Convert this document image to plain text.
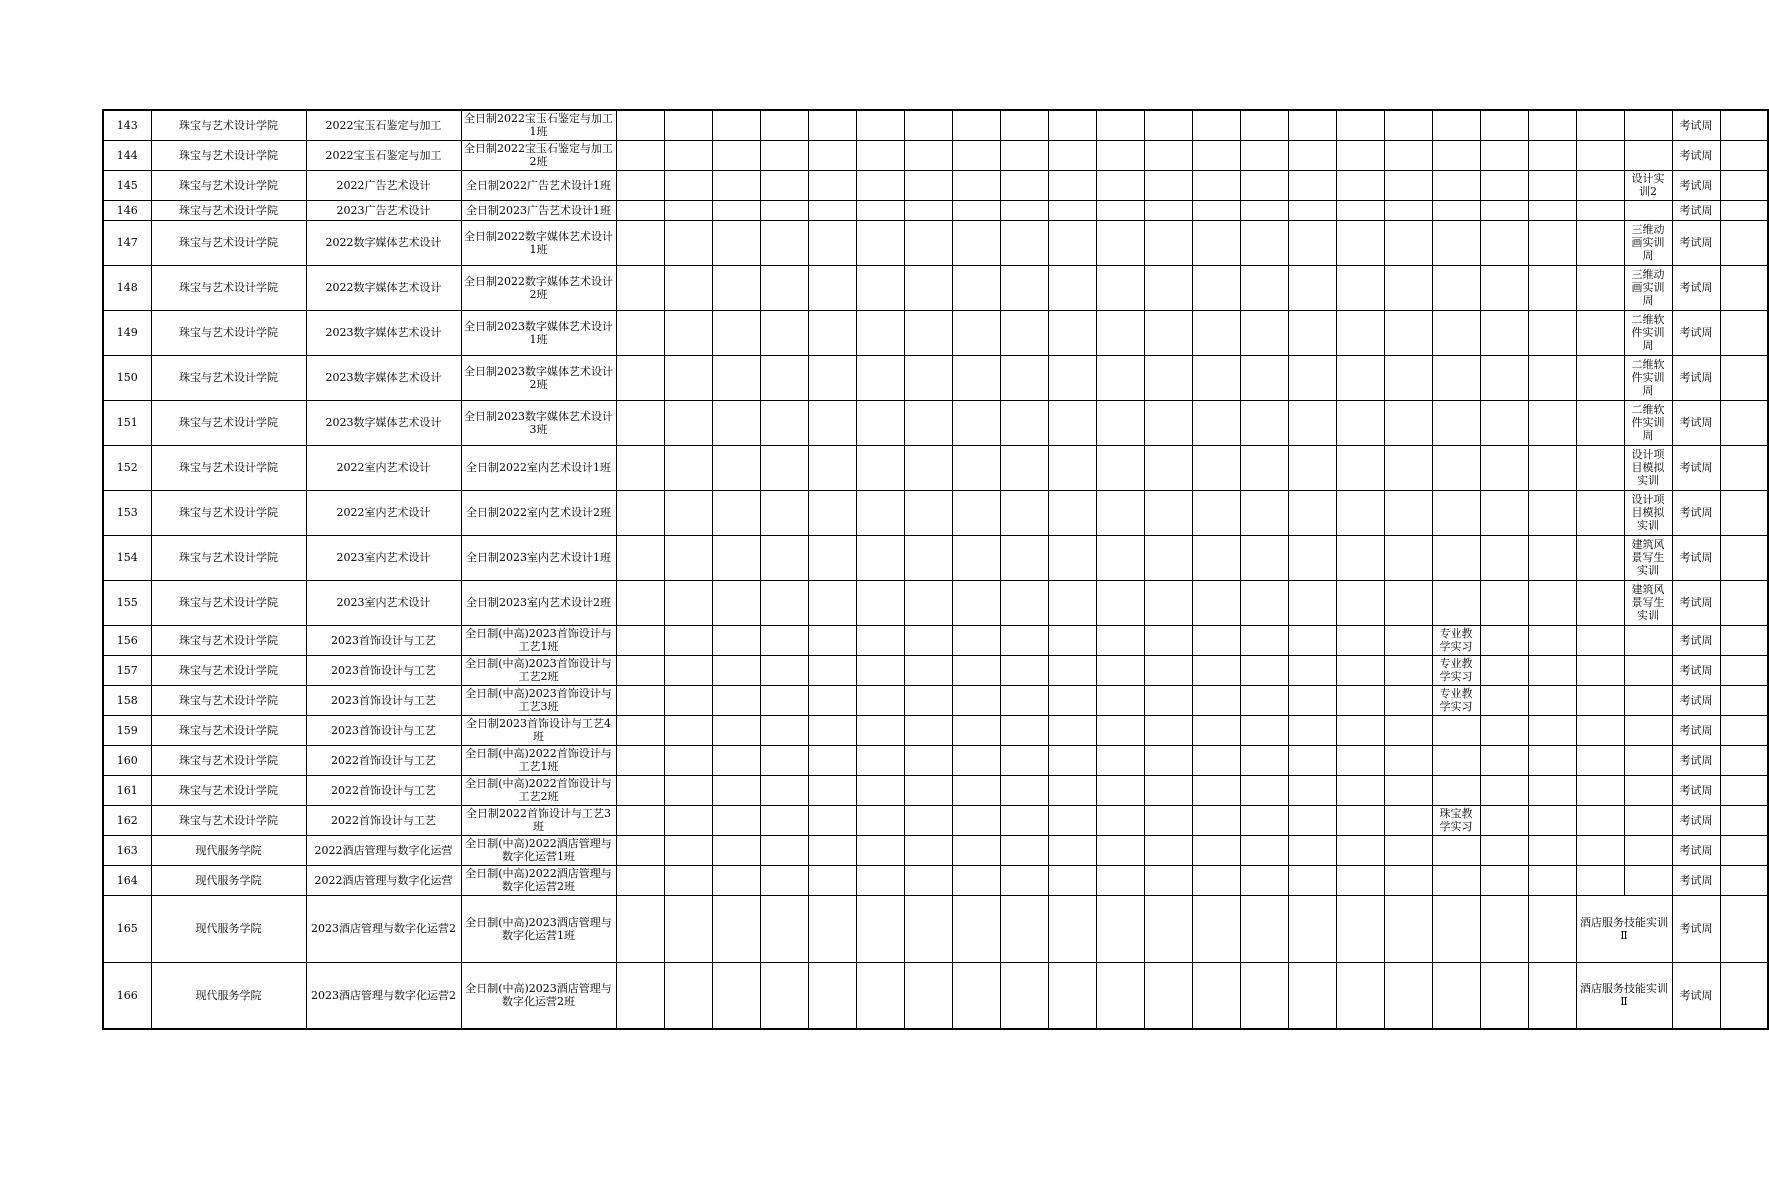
143	珠宝与艺术设计学院	2022宝玉石鉴定与加工	全日制2022宝玉石鉴定与加工1班																							考试周	
144	珠宝与艺术设计学院	2022宝玉石鉴定与加工	全日制2022宝玉石鉴定与加工2班																							考试周	
145	珠宝与艺术设计学院	2022广告艺术设计	全日制2022广告艺术设计1班																						设计实训2	考试周	
146	珠宝与艺术设计学院	2023广告艺术设计	全日制2023广告艺术设计1班																							考试周	
147	珠宝与艺术设计学院	2022数字媒体艺术设计	全日制2022数字媒体艺术设计1班																						三维动画实训周	考试周	
148	珠宝与艺术设计学院	2022数字媒体艺术设计	全日制2022数字媒体艺术设计2班																						三维动画实训周	考试周	
149	珠宝与艺术设计学院	2023数字媒体艺术设计	全日制2023数字媒体艺术设计1班																						二维软件实训周	考试周	
150	珠宝与艺术设计学院	2023数字媒体艺术设计	全日制2023数字媒体艺术设计2班																						二维软件实训周	考试周	
151	珠宝与艺术设计学院	2023数字媒体艺术设计	全日制2023数字媒体艺术设计3班																						二维软件实训周	考试周	
152	珠宝与艺术设计学院	2022室内艺术设计	全日制2022室内艺术设计1班																						设计项目模拟实训	考试周	
153	珠宝与艺术设计学院	2022室内艺术设计	全日制2022室内艺术设计2班																						设计项目模拟实训	考试周	
154	珠宝与艺术设计学院	2023室内艺术设计	全日制2023室内艺术设计1班																						建筑风景写生实训	考试周	
155	珠宝与艺术设计学院	2023室内艺术设计	全日制2023室内艺术设计2班																						建筑风景写生实训	考试周	
156	珠宝与艺术设计学院	2023首饰设计与工艺	全日制(中高)2023首饰设计与工艺1班																		专业教学实习					考试周	
157	珠宝与艺术设计学院	2023首饰设计与工艺	全日制(中高)2023首饰设计与工艺2班																		专业教学实习					考试周	
158	珠宝与艺术设计学院	2023首饰设计与工艺	全日制(中高)2023首饰设计与工艺3班																		专业教学实习					考试周	
159	珠宝与艺术设计学院	2023首饰设计与工艺	全日制2023首饰设计与工艺4班																							考试周	
160	珠宝与艺术设计学院	2022首饰设计与工艺	全日制(中高)2022首饰设计与工艺1班																							考试周	
161	珠宝与艺术设计学院	2022首饰设计与工艺	全日制(中高)2022首饰设计与工艺2班																							考试周	
162	珠宝与艺术设计学院	2022首饰设计与工艺	全日制2022首饰设计与工艺3班																		珠宝教学实习					考试周	
163	现代服务学院	2022酒店管理与数字化运营	全日制(中高)2022酒店管理与数字化运营1班																							考试周	
164	现代服务学院	2022酒店管理与数字化运营	全日制(中高)2022酒店管理与数字化运营2班																							考试周	
165	现代服务学院	2023酒店管理与数字化运营2	全日制(中高)2023酒店管理与数字化运营1班																					酒店服务技能实训Ⅱ		考试周	
166	现代服务学院	2023酒店管理与数字化运营2	全日制(中高)2023酒店管理与数字化运营2班																					酒店服务技能实训Ⅱ		考试周	
